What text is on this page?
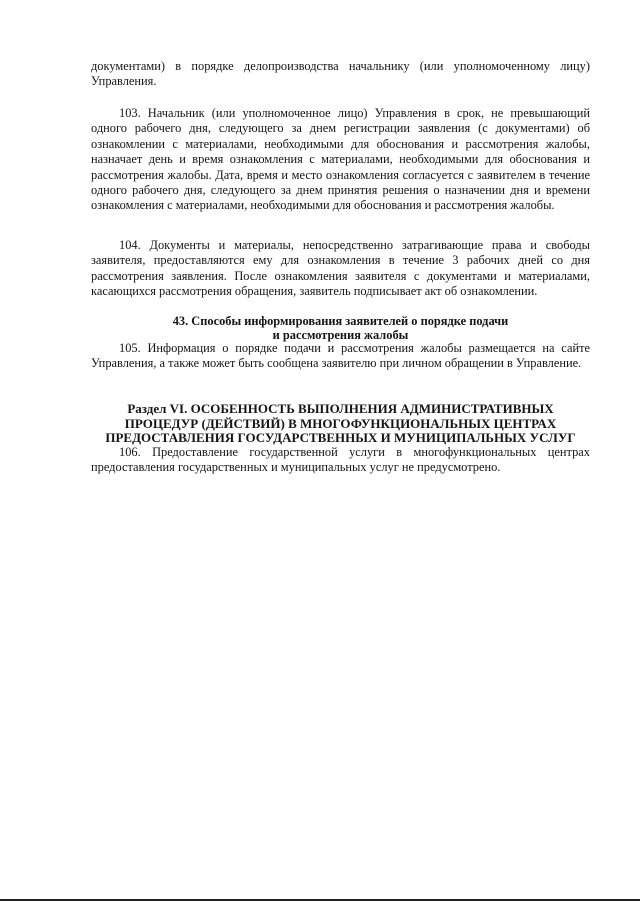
документами) в порядке делопроизводства начальнику (или уполномоченному лицу) Управления.

103. Начальник (или уполномоченное лицо) Управления в срок, не превышающий одного рабочего дня, следующего за днем регистрации заявления (с документами) об ознакомлении с материалами, необходимыми для обоснования и рассмотрения жалобы, назначает день и время ознакомления с материалами, необходимыми для обоснования и рассмотрения жалобы. Дата, время и место ознакомления согласуется с заявителем в течение одного рабочего дня, следующего за днем принятия решения о назначении дня и времени ознакомления с материалами, необходимыми для обоснования и рассмотрения жалобы.

104. Документы и материалы, непосредственно затрагивающие права и свободы заявителя, предоставляются ему для ознакомления в течение 3 рабочих дней со дня рассмотрения заявления. После ознакомления заявителя с документами и материалами, касающихся рассмотрения обращения, заявитель подписывает акт об ознакомлении.

43. Способы информирования заявителей о порядке подачи
и рассмотрения жалобы

105. Информация о порядке подачи и рассмотрения жалобы размещается на сайте Управления, а также может быть сообщена заявителю при личном обращении в Управление.

Раздел VI. ОСОБЕННОСТЬ ВЫПОЛНЕНИЯ АДМИНИСТРАТИВНЫХ
ПРОЦЕДУР (ДЕЙСТВИЙ) В МНОГОФУНКЦИОНАЛЬНЫХ ЦЕНТРАХ
ПРЕДОСТАВЛЕНИЯ ГОСУДАРСТВЕННЫХ И МУНИЦИПАЛЬНЫХ УСЛУГ

106. Предоставление государственной услуги в многофункциональных центрах предоставления государственных и муниципальных услуг не предусмотрено.
